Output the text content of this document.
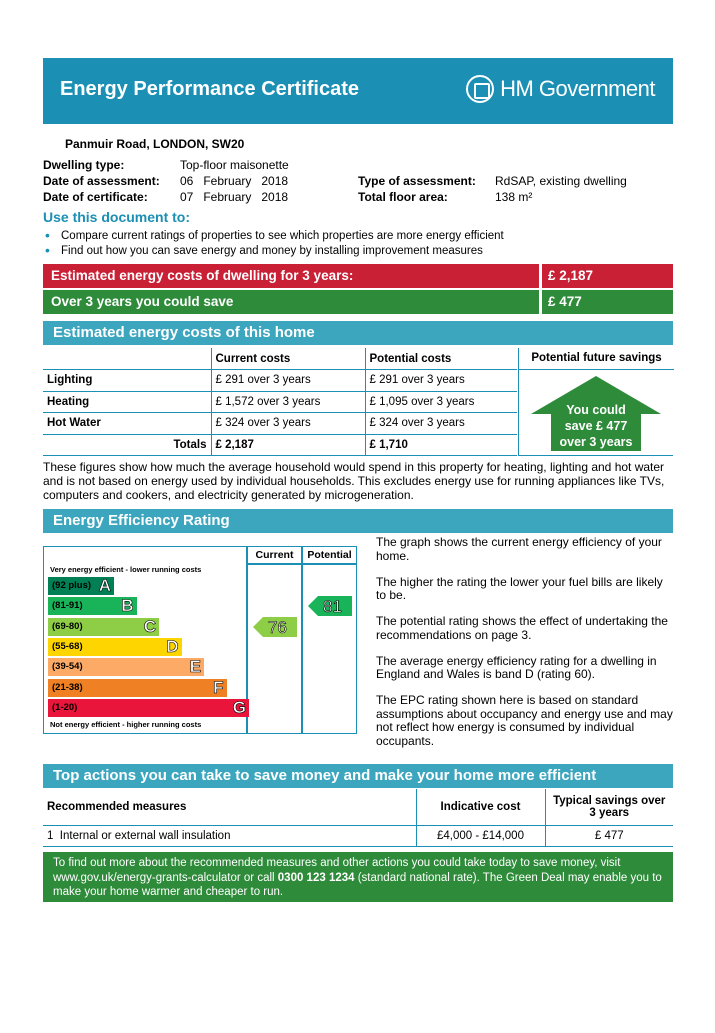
Energy Performance Certificate	HM Government
Panmuir Road, LONDON, SW20
Dwelling type:	Top-floor maisonette
Date of assessment: 06   February   2018
Date of certificate:	07   February   2018
Type of assessment: RdSAP, existing dwelling
Total floor area:	138 m²
Use this document to:
• Compare current ratings of properties to see which properties are more energy efficient
• Find out how you can save energy and money by installing improvement measures
Estimated energy costs of dwelling for 3 years:	£ 2,187
Over 3 years you could save	£ 477
Estimated energy costs of this home
	Current costs	Potential costs
Lighting	£ 291 over 3 years	£ 291 over 3 years
Heating	£ 1,572 over 3 years	£ 1,095 over 3 years
Hot Water	£ 324 over 3 years	£ 324 over 3 years
Totals	£ 2,187	£ 1,710
Potential future savings
You could
save £ 477
over 3 years
These figures show how much the average household would spend in this property for heating, lighting and hot water and is not based on energy used by individual households. This excludes energy use for running appliances like TVs, computers and cookers, and electricity generated by microgeneration.
Energy Efficiency Rating
Very energy efficient - lower running costs
Current	Potential
(92 plus) A
(81-91) B
(69-80)	C
(55-68)	D
(39-54)	E
(21-38)	F
(1-20)	G
76
81
Not energy efficient - higher running costs

The graph shows the current energy efficiency of your home.

The higher the rating the lower your fuel bills are likely to be.

The potential rating shows the effect of undertaking the recommendations on page 3.

The average energy efficiency rating for a dwelling in England and Wales is band D (rating 60).

The EPC rating shown here is based on standard assumptions about occupancy and energy use and may not reflect how energy is consumed by individual occupants.

Top actions you can take to save money and make your home more efficient
Recommended measures	Indicative cost	Typical savings over 3 years
1  Internal or external wall insulation	£4,000 - £14,000	£ 477
To find out more about the recommended measures and other actions you could take today to save money, visit www.gov.uk/energy-grants-calculator or call 0300 123 1234 (standard national rate). The Green Deal may enable you to make your home warmer and cheaper to run.
